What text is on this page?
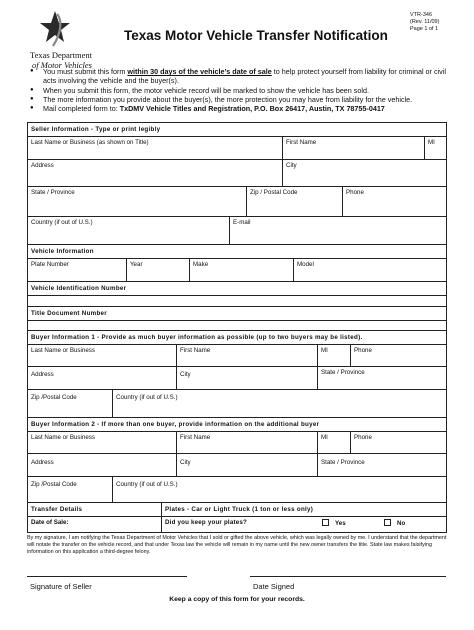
Texas Department
of Motor Vehicles
VTR-346
(Rev. 11/09)
Page 1 of 1
Texas Motor Vehicle Transfer Notification
● You must submit this form within 30 days of the vehicle’s date of sale to help protect yourself from liability for criminal or civil acts involving the vehicle and the buyer(s).
● When you submit this form, the motor vehicle record will be marked to show the vehicle has been sold.
● The more information you provide about the buyer(s), the more protection you may have from liability for the vehicle.
● Mail completed form to: TxDMV Vehicle Titles and Registration, P.O. Box 26417, Austin, TX 78755-0417
Seller Information - Type or print legibly
Last Name or Business (as shown on Title)	First Name	MI
Address	City
State / Province	Zip / Postal Code	Phone
Country (if out of U.S.)	E-mail
Vehicle Information
Plate Number	Year	Make	Model
Vehicle Identification Number
Title Document Number
Buyer Information 1 - Provide as much buyer information as possible (up to two buyers may be listed).
Last Name or Business	First Name	MI	Phone
Address	City	State / Province
Zip /Postal Code	Country (if out of U.S.)
Buyer Information 2 - If more than one buyer, provide information on the additional buyer
Last Name or Business	First Name	MI	Phone
Address	City	State / Province
Zip /Postal Code	Country (if out of U.S.)
Transfer Details	Plates - Car or Light Truck (1 ton or less only)
Date of Sale:	Did you keep your plates?	Yes	No
By my signature, I am notifying the Texas Department of Motor Vehicles that I sold or gifted the above vehicle, which was legally owned by me. I understand that the department will notate the transfer on the vehicle record, and that under Texas law the vehicle will remain in my name until the new owner transfers the title. State law makes falsifying information on this application a third-degree felony.
Signature of Seller	Date Signed
Keep a copy of this form for your records.
